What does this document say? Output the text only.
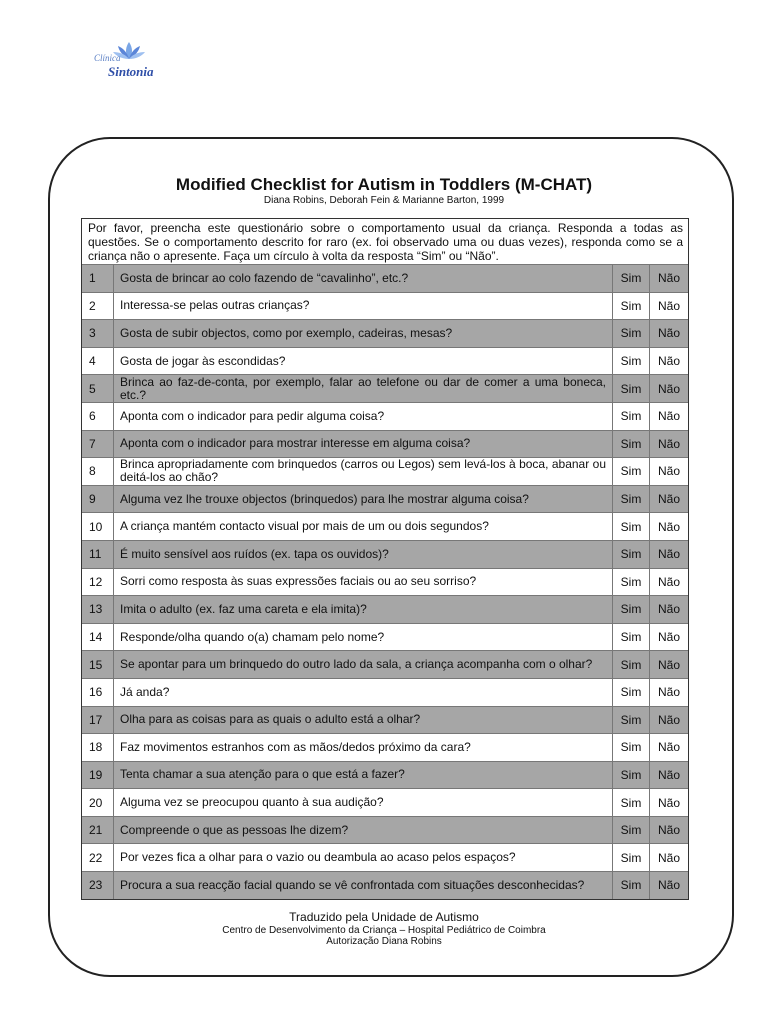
Clínica
Sintonia
Modified Checklist for Autism in Toddlers (M-CHAT)
Diana Robins, Deborah Fein & Marianne Barton, 1999
Por favor, preencha este questionário sobre o comportamento usual da criança. Responda a todas as questões. Se o comportamento descrito for raro (ex. foi observado uma ou duas vezes), responda como se a criança não o apresente. Faça um círculo à volta da resposta “Sim” ou “Não”.
1	Gosta de brincar ao colo fazendo de “cavalinho”, etc.?	Sim	Não
2	Interessa-se pelas outras crianças?	Sim	Não
3	Gosta de subir objectos, como por exemplo, cadeiras, mesas?	Sim	Não
4	Gosta de jogar às escondidas?	Sim	Não
5	Brinca ao faz-de-conta, por exemplo, falar ao telefone ou dar de comer a uma boneca, etc.?	Sim	Não
6	Aponta com o indicador para pedir alguma coisa?	Sim	Não
7	Aponta com o indicador para mostrar interesse em alguma coisa?	Sim	Não
8	Brinca apropriadamente com brinquedos (carros ou Legos) sem levá-los à boca, abanar ou deitá-los ao chão?	Sim	Não
9	Alguma vez lhe trouxe objectos (brinquedos) para lhe mostrar alguma coisa?	Sim	Não
10	A criança mantém contacto visual por mais de um ou dois segundos?	Sim	Não
11	É muito sensível aos ruídos (ex. tapa os ouvidos)?	Sim	Não
12	Sorri como resposta às suas expressões faciais ou ao seu sorriso?	Sim	Não
13	Imita o adulto (ex. faz uma careta e ela imita)?	Sim	Não
14	Responde/olha quando o(a) chamam pelo nome?	Sim	Não
15	Se apontar para um brinquedo do outro lado da sala, a criança acompanha com o olhar?	Sim	Não
16	Já anda?	Sim	Não
17	Olha para as coisas para as quais o adulto está a olhar?	Sim	Não
18	Faz movimentos estranhos com as mãos/dedos próximo da cara?	Sim	Não
19	Tenta chamar a sua atenção para o que está a fazer?	Sim	Não
20	Alguma vez se preocupou quanto à sua audição?	Sim	Não
21	Compreende o que as pessoas lhe dizem?	Sim	Não
22	Por vezes fica a olhar para o vazio ou deambula ao acaso pelos espaços?	Sim	Não
23	Procura a sua reacção facial quando se vê confrontada com situações desconhecidas?	Sim	Não
Traduzido pela Unidade de Autismo
Centro de Desenvolvimento da Criança – Hospital Pediátrico de Coimbra
Autorização Diana Robins
